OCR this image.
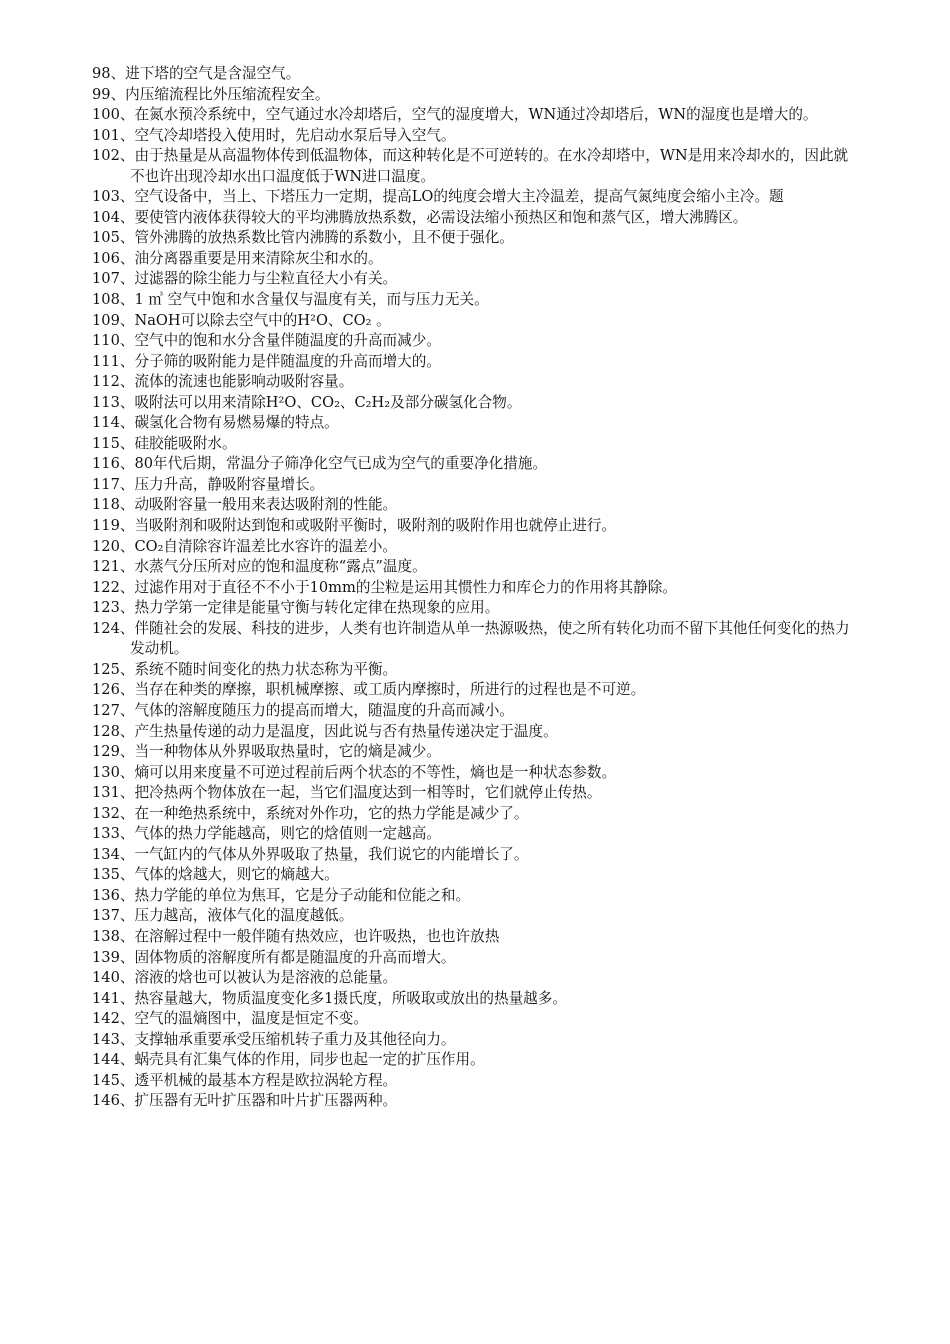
98、进下塔的空气是含湿空气。

99、内压缩流程比外压缩流程安全。

100、在氮水预冷系统中，空气通过水冷却塔后，空气的湿度增大，WN通过冷却塔后，WN的湿度也是增大的。

101、空气冷却塔投入使用时，先启动水泵后导入空气。

102、由于热量是从高温物体传到低温物体，而这种转化是不可逆转的。在水冷却塔中，WN是用来冷却水的，因此就不也许出现冷却水出口温度低于WN进口温度。

103、空气设备中，当上、下塔压力一定期，提高LO的纯度会增大主冷温差，提高气氮纯度会缩小主冷。题

104、要使管内液体获得较大的平均沸腾放热系数，必需设法缩小预热区和饱和蒸气区，增大沸腾区。

105、管外沸腾的放热系数比管内沸腾的系数小，且不便于强化。

106、油分离器重要是用来清除灰尘和水的。

107、过滤器的除尘能力与尘粒直径大小有关。

108、1 ㎥ 空气中饱和水含量仅与温度有关，而与压力无关。

109、NaOH可以除去空气中的H²O、CO₂ 。

110、空气中的饱和水分含量伴随温度的升高而减少。

111、分子筛的吸附能力是伴随温度的升高而增大的。

112、流体的流速也能影响动吸附容量。

113、吸附法可以用来清除H²O、CO₂、C₂H₂及部分碳氢化合物。

114、碳氢化合物有易燃易爆的特点。

115、硅胶能吸附水。

116、80年代后期，常温分子筛净化空气已成为空气的重要净化措施。

117、压力升高，静吸附容量增长。

118、动吸附容量一般用来表达吸附剂的性能。

119、当吸附剂和吸附达到饱和或吸附平衡时，吸附剂的吸附作用也就停止进行。

120、CO₂自清除容许温差比水容许的温差小。

121、水蒸气分压所对应的饱和温度称“露点”温度。

122、过滤作用对于直径不不小于10mm的尘粒是运用其惯性力和库仑力的作用将其静除。

123、热力学第一定律是能量守衡与转化定律在热现象的应用。

124、伴随社会的发展、科技的进步，人类有也许制造从单一热源吸热，使之所有转化功而不留下其他任何变化的热力发动机。

125、系统不随时间变化的热力状态称为平衡。

126、当存在种类的摩擦，职机械摩擦、或工质内摩擦时，所进行的过程也是不可逆。

127、气体的溶解度随压力的提高而增大，随温度的升高而减小。

128、产生热量传递的动力是温度，因此说与否有热量传递决定于温度。

129、当一种物体从外界吸取热量时，它的熵是减少。

130、熵可以用来度量不可逆过程前后两个状态的不等性，熵也是一种状态参数。

131、把冷热两个物体放在一起，当它们温度达到一相等时，它们就停止传热。

132、在一种绝热系统中，系统对外作功，它的热力学能是减少了。

133、气体的热力学能越高，则它的焓值则一定越高。

134、一气缸内的气体从外界吸取了热量，我们说它的内能增长了。

135、气体的焓越大，则它的熵越大。

136、热力学能的单位为焦耳，它是分子动能和位能之和。

137、压力越高，液体气化的温度越低。

138、在溶解过程中一般伴随有热效应，也许吸热，也也许放热

139、固体物质的溶解度所有都是随温度的升高而增大。

140、溶液的焓也可以被认为是溶液的总能量。

141、热容量越大，物质温度变化多1摄氏度，所吸取或放出的热量越多。

142、空气的温熵图中，温度是恒定不变。

143、支撑轴承重要承受压缩机转子重力及其他径向力。

144、蜗壳具有汇集气体的作用，同步也起一定的扩压作用。

145、透平机械的最基本方程是欧拉涡轮方程。

146、扩压器有无叶扩压器和叶片扩压器两种。
